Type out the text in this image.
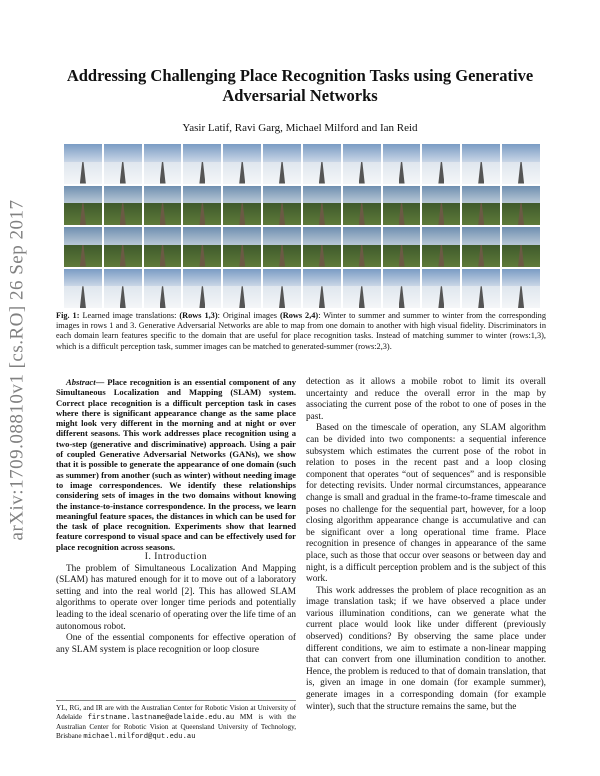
arXiv:1709.08810v1 [cs.RO] 26 Sep 2017
Addressing Challenging Place Recognition Tasks using Generative Adversarial Networks
Yasir Latif, Ravi Garg, Michael Milford and Ian Reid
Fig. 1: Learned image translations: (Rows 1,3): Original images (Rows 2,4): Winter to summer and summer to winter from the corresponding images in rows 1 and 3. Generative Adversarial Networks are able to map from one domain to another with high visual fidelity. Discriminators in each domain learn features specific to the domain that are useful for place recognition tasks. Instead of matching summer to winter (rows:1,3), which is a difficult perception task, summer images can be matched to generated-summer (rows:2,3).

Abstract— Place recognition is an essential component of any Simultaneous Localization and Mapping (SLAM) system. Correct place recognition is a difficult perception task in cases where there is significant appearance change as the same place might look very different in the morning and at night or over different seasons. This work addresses place recognition using a two-step (generative and discriminative) approach. Using a pair of coupled Generative Adversarial Networks (GANs), we show that it is possible to generate the appearance of one domain (such as summer) from another (such as winter) without needing image to image correspondences. We identify these relationships considering sets of images in the two domains without knowing the instance-to-instance correspondence. In the process, we learn meaningful feature spaces, the distances in which can be used for the task of place recognition. Experiments show that learned feature correspond to visual space and can be effectively used for place recognition across seasons.

I. Introduction

The problem of Simultaneous Localization And Mapping (SLAM) has matured enough for it to move out of a laboratory setting and into the real world [2]. This has allowed SLAM algorithms to operate over longer time periods and potentially leading to the ideal scenario of operating over the life time of an autonomous robot.

One of the essential components for effective operation of any SLAM system is place recognition or loop closure

YL, RG, and IR are with the Australian Center for Robotic Vision at University of Adelaide firstname.lastname@adelaide.edu.au MM is with the Australian Center for Robotic Vision at Queensland University of Technology, Brisbane michael.milford@qut.edu.au

detection as it allows a mobile robot to limit its overall uncertainty and reduce the overall error in the map by associating the current pose of the robot to one of poses in the past.

Based on the timescale of operation, any SLAM algorithm can be divided into two components: a sequential inference subsystem which estimates the current pose of the robot in relation to poses in the recent past and a loop closing component that operates “out of sequences” and is responsible for detecting revisits. Under normal circumstances, appearance change is small and gradual in the frame-to-frame timescale and poses no challenge for the sequential part, however, for a loop closing algorithm appearance change is accumulative and can be significant over a long operational time frame. Place recognition in presence of changes in appearance of the same place, such as those that occur over seasons or between day and night, is a difficult perception problem and is the subject of this work.

This work addresses the problem of place recognition as an image translation task; if we have observed a place under various illumination conditions, can we generate what the current place would look like under different (previously observed) conditions? By observing the same place under different conditions, we aim to estimate a non-linear mapping that can convert from one illumination condition to another. Hence, the problem is reduced to that of domain translation, that is, given an image in one domain (for example summer), generate images in a corresponding domain (for example winter), such that the structure remains the same, but the
